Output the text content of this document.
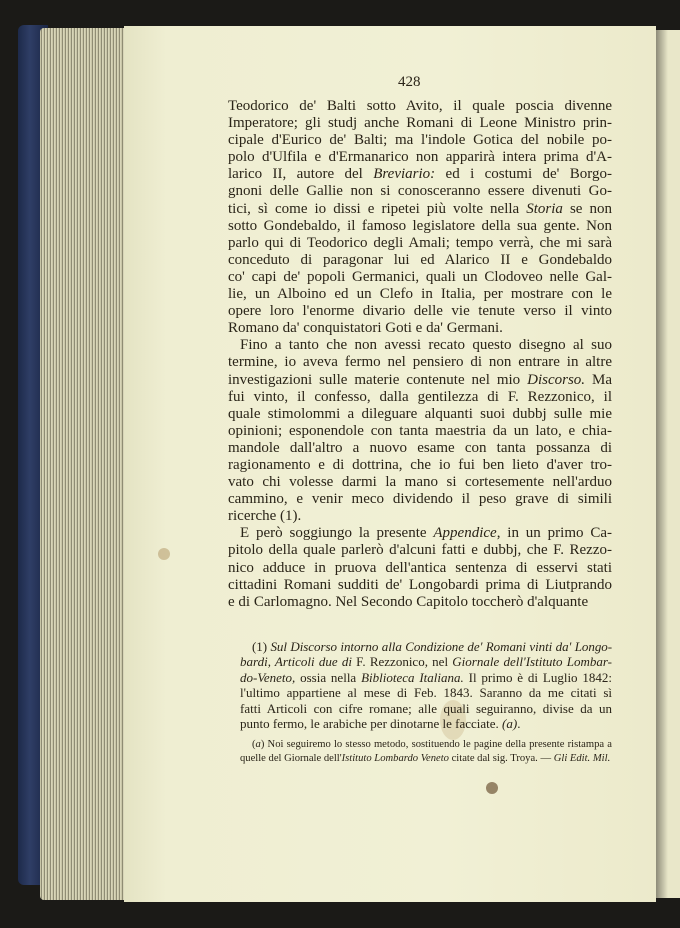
428
Teodorico de' Balti sotto Avito, il quale poscia divenne
Imperatore; gli studj anche Romani di Leone Ministro prin-
cipale d'Eurico de' Balti; ma l'indole Gotica del nobile po-
polo d'Ulfila e d'Ermanarico non apparirà intera prima d'A-
larico II, autore del Breviario: ed i costumi de' Borgo-
gnoni delle Gallie non si conosceranno essere divenuti Go-
tici, sì come io dissi e ripetei più volte nella Storia se non
sotto Gondebaldo, il famoso legislatore della sua gente. Non
parlo qui di Teodorico degli Amali; tempo verrà, che mi sarà
conceduto di paragonar lui ed Alarico II e Gondebaldo
co' capi de' popoli Germanici, quali un Clodoveo nelle Gal-
lie, un Alboino ed un Clefo in Italia, per mostrare con le
opere loro l'enorme divario delle vie tenute verso il vinto
Romano da' conquistatori Goti e da' Germani.
Fino a tanto che non avessi recato questo disegno al suo
termine, io aveva fermo nel pensiero di non entrare in altre
investigazioni sulle materie contenute nel mio Discorso. Ma
fui vinto, il confesso, dalla gentilezza di F. Rezzonico, il
quale stimolommi a dileguare alquanti suoi dubbj sulle mie
opinioni; esponendole con tanta maestria da un lato, e chia-
mandole dall'altro a nuovo esame con tanta possanza di
ragionamento e di dottrina, che io fui ben lieto d'aver tro-
vato chi volesse darmi la mano si cortesemente nell'arduo
cammino, e venir meco dividendo il peso grave di simili
ricerche (1).
E però soggiungo la presente Appendice, in un primo Ca-
pitolo della quale parlerò d'alcuni fatti e dubbj, che F. Rezzo-
nico adduce in pruova dell'antica sentenza di esservi stati
cittadini Romani sudditi de' Longobardi prima di Liutprando
e di Carlomagno. Nel Secondo Capitolo toccherò d'alquante
(1) Sul Discorso intorno alla Condizione de' Romani vinti da' Longo-
bardi, Articoli due di F. Rezzonico, nel Giornale dell'Istituto Lombar-
do-Veneto, ossia nella Biblioteca Italiana. Il primo è di Luglio 1842:
l'ultimo appartiene al mese di Feb. 1843. Saranno da me citati sì
fatti Articoli con cifre romane; alle quali seguiranno, divise da un
punto fermo, le arabiche per dinotarne le facciate. (a).
(a) Noi seguiremo lo stesso metodo, sostituendo le pagine della presente ristampa a
quelle del Giornale dell'Istituto Lombardo Veneto citate dal sig. Troya. — Gli Edit. Mil.
